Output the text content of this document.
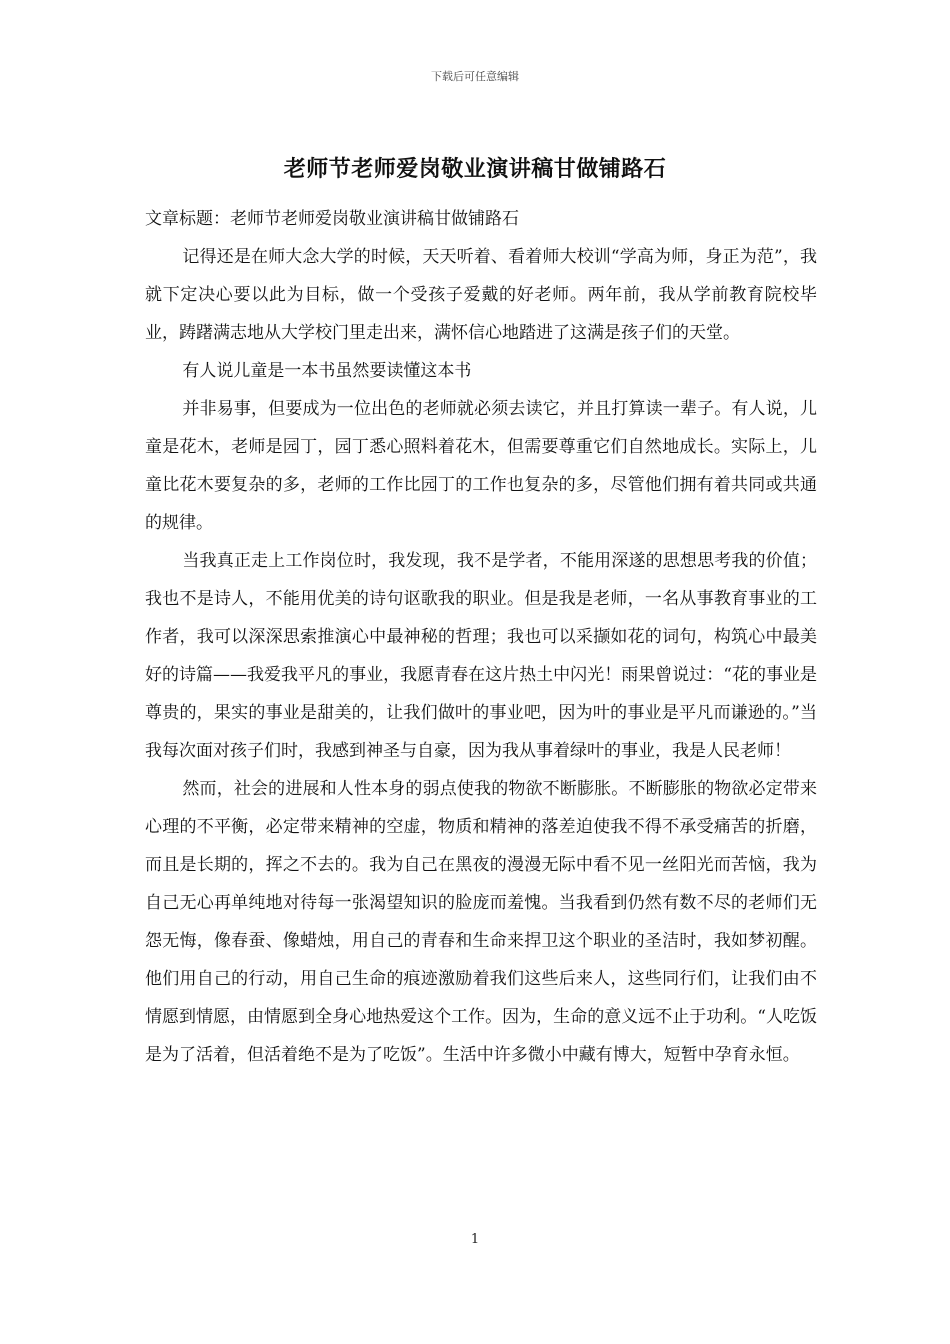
下载后可任意编辑
老师节老师爱岗敬业演讲稿甘做铺路石

文章标题：老师节老师爱岗敬业演讲稿甘做铺路石

记得还是在师大念大学的时候，天天听着、看着师大校训“学高为师，身正为范”，我就下定决心要以此为目标，做一个受孩子爱戴的好老师。两年前，我从学前教育院校毕业，踌躇满志地从大学校门里走出来，满怀信心地踏进了这满是孩子们的天堂。

有人说儿童是一本书虽然要读懂这本书

并非易事，但要成为一位出色的老师就必须去读它，并且打算读一辈子。有人说，儿童是花木，老师是园丁，园丁悉心照料着花木，但需要尊重它们自然地成长。实际上，儿童比花木要复杂的多，老师的工作比园丁的工作也复杂的多，尽管他们拥有着共同或共通的规律。

当我真正走上工作岗位时，我发现，我不是学者，不能用深遂的思想思考我的价值；我也不是诗人，不能用优美的诗句讴歌我的职业。但是我是老师，一名从事教育事业的工作者，我可以深深思索推演心中最神秘的哲理；我也可以采撷如花的词句，构筑心中最美好的诗篇——我爱我平凡的事业，我愿青春在这片热土中闪光！雨果曾说过：“花的事业是尊贵的，果实的事业是甜美的，让我们做叶的事业吧，因为叶的事业是平凡而谦逊的。”当我每次面对孩子们时，我感到神圣与自豪，因为我从事着绿叶的事业，我是人民老师！

然而，社会的进展和人性本身的弱点使我的物欲不断膨胀。不断膨胀的物欲必定带来心理的不平衡，必定带来精神的空虚，物质和精神的落差迫使我不得不承受痛苦的折磨，而且是长期的，挥之不去的。我为自己在黑夜的漫漫无际中看不见一丝阳光而苦恼，我为自己无心再单纯地对待每一张渴望知识的脸庞而羞愧。当我看到仍然有数不尽的老师们无怨无悔，像春蚕、像蜡烛，用自己的青春和生命来捍卫这个职业的圣洁时，我如梦初醒。他们用自己的行动，用自己生命的痕迹激励着我们这些后来人，这些同行们，让我们由不情愿到情愿，由情愿到全身心地热爱这个工作。因为，生命的意义远不止于功利。“人吃饭是为了活着，但活着绝不是为了吃饭”。生活中许多微小中藏有博大，短暂中孕育永恒。

1
